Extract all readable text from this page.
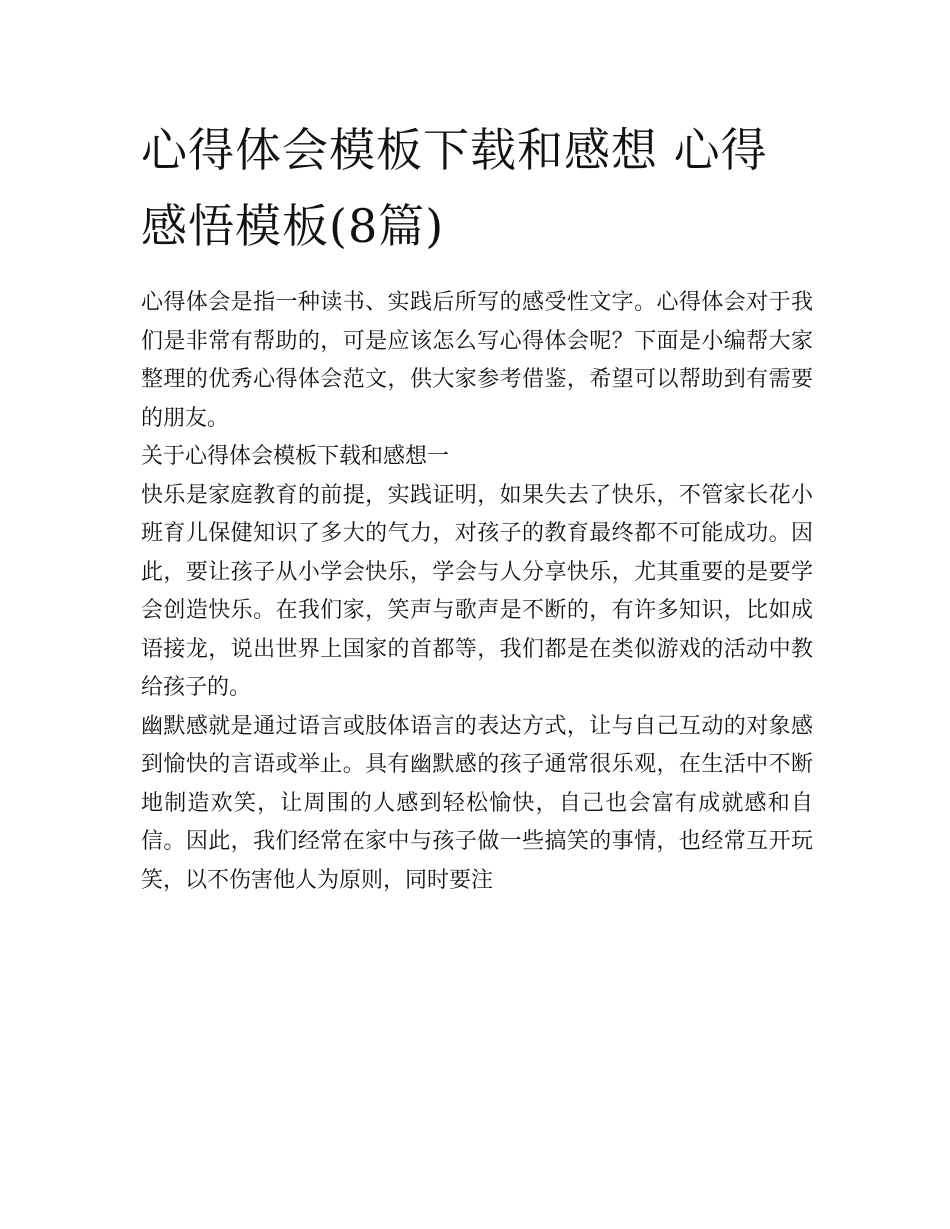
心得体会模板下载和感想 心得感悟模板(8篇)

心得体会是指一种读书、实践后所写的感受性文字。心得体会对于我们是非常有帮助的，可是应该怎么写心得体会呢？下面是小编帮大家整理的优秀心得体会范文，供大家参考借鉴，希望可以帮助到有需要的朋友。

关于心得体会模板下载和感想一

快乐是家庭教育的前提，实践证明，如果失去了快乐，不管家长花小班育儿保健知识了多大的气力，对孩子的教育最终都不可能成功。因此，要让孩子从小学会快乐，学会与人分享快乐，尤其重要的是要学会创造快乐。在我们家，笑声与歌声是不断的，有许多知识，比如成语接龙，说出世界上国家的首都等，我们都是在类似游戏的活动中教给孩子的。

幽默感就是通过语言或肢体语言的表达方式，让与自己互动的对象感到愉快的言语或举止。具有幽默感的孩子通常很乐观，在生活中不断地制造欢笑，让周围的人感到轻松愉快，自己也会富有成就感和自信。因此，我们经常在家中与孩子做一些搞笑的事情，也经常互开玩笑，以不伤害他人为原则，同时要注
